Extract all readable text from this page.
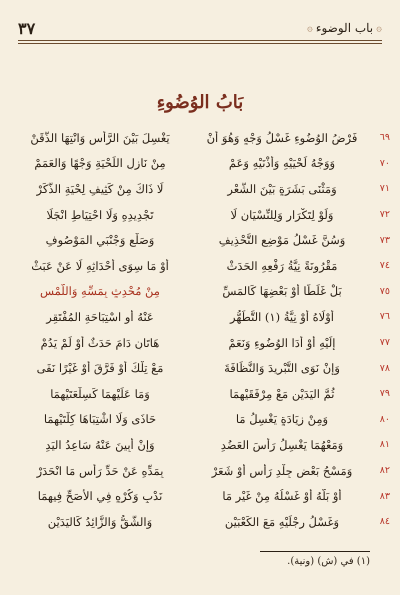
۞
باب الوضوء
۞
٣٧
بَابُ الوُضُوءِ
٦٩
فَرْضُ الوُضُوءِ غَسْلُ وَجْهٍ وَهُوَ أَنْ
يَغْسِلَ بَيْنَ الرَّأْسِ وَانْتِهَا الذَّقَنْ
٧٠
وَوَجْهُ لَحْيَيْهِ وَأُذْنَيْهِ وَعَمْ
مِنْ نَازِلِ اللِّحْيَةِ وَجْهًا وَالعَمَمْ
٧١
وَمَثْنَى بَشَرَةٍ بَيْنَ الشَّعْرِ
لَا ذَاكَ مِنْ كَثِيفِ لِحْيَةِ الذَّكَرْ
٧٢
وَلَوْ لِتَكْرَارٍ وَلِلنِّسْيَانِ لَا
تَجْدِيدِهِ وَلَا احْتِيَاطِ انْجَلَا
٧٣
وَسُنَّ غَسْلُ مَوْضِعِ التَّحْذِيفِ
وَصَلْعٍ وَجْنْبَيِ المَوْصُوفِ
٧٤
مَقْرُونَةً نِيَّةُ رَفْعِهِ الحَدَثْ
أَوْ مَا سِوَى أَحْدَاثِهِ لَا عَنْ عَبَثْ
٧٥
بَلْ غَلَطًا أَوْ بَعْضِهَا كَالمَسِّ
مِنْ مُحْدِثٍ بِمَسِّهِ وَاللَّمْسِ
٧٦
أَوْلَاهُ أَوْ نِيَّةُ (١) التَّطَهُّرِ
عَنْهُ أَوِ اسْتِبَاحَةِ المُفْتَقِرِ
٧٧
إِلَيْهِ أَوْ أَدَا الوُضُوءِ وَنَعَمْ
هَاتَانِ دَامَ حَدَثٌ أَوْ لَمْ يَدُمْ
٧٨
وَإِنْ نَوَى التَّبْرِيدَ وَالنَّظَافَةَ
مَعْ تِلْكَ أَوْ فَرَّقَ أَوْ غَيْرًا نَفَى
٧٩
ثُمَّ اليَدَيْنِ مَعْ مِرْفَقَيْهِمَا
وَمَا عَلَيْهِمَا كَسِلْعَتَيْهِمَا
٨٠
وَمِنْ زِيَادَةٍ يَغْسِلُ مَا
حَاذَى وَلَا اشْتِبَاهَا كِلْتَيْهِمَا
٨١
وَمَعْهُمَا يَغْسِلُ رَأْسَ العَضُدِ
وَإِنْ أُبِينَ عَنْهُ سَاعِدُ اليَدِ
٨٢
وَمَسْحُ بَعْضِ جِلْدِ رَأْسٍ أَوْ شَعَرْ
بِمَدِّهِ عَنْ حَدِّ رَأْسٍ مَا انْحَدَرْ
٨٣
أَوْ بَلُّهُ أَوْ غَسْلُهُ مِنْ غَيْرِ مَا
نَدْبٍ وَكُرْهٍ فِي الأَصَحِّ فِيهِمَا
٨٤
وَغَسْلُ رِجْلَيْهِ مَعَ الكَعْبَيْنِ
وَالشَّقُّ وَالزَّائِدُ كَاليَدَيْنِ
(١) في (ش) (ونية).
